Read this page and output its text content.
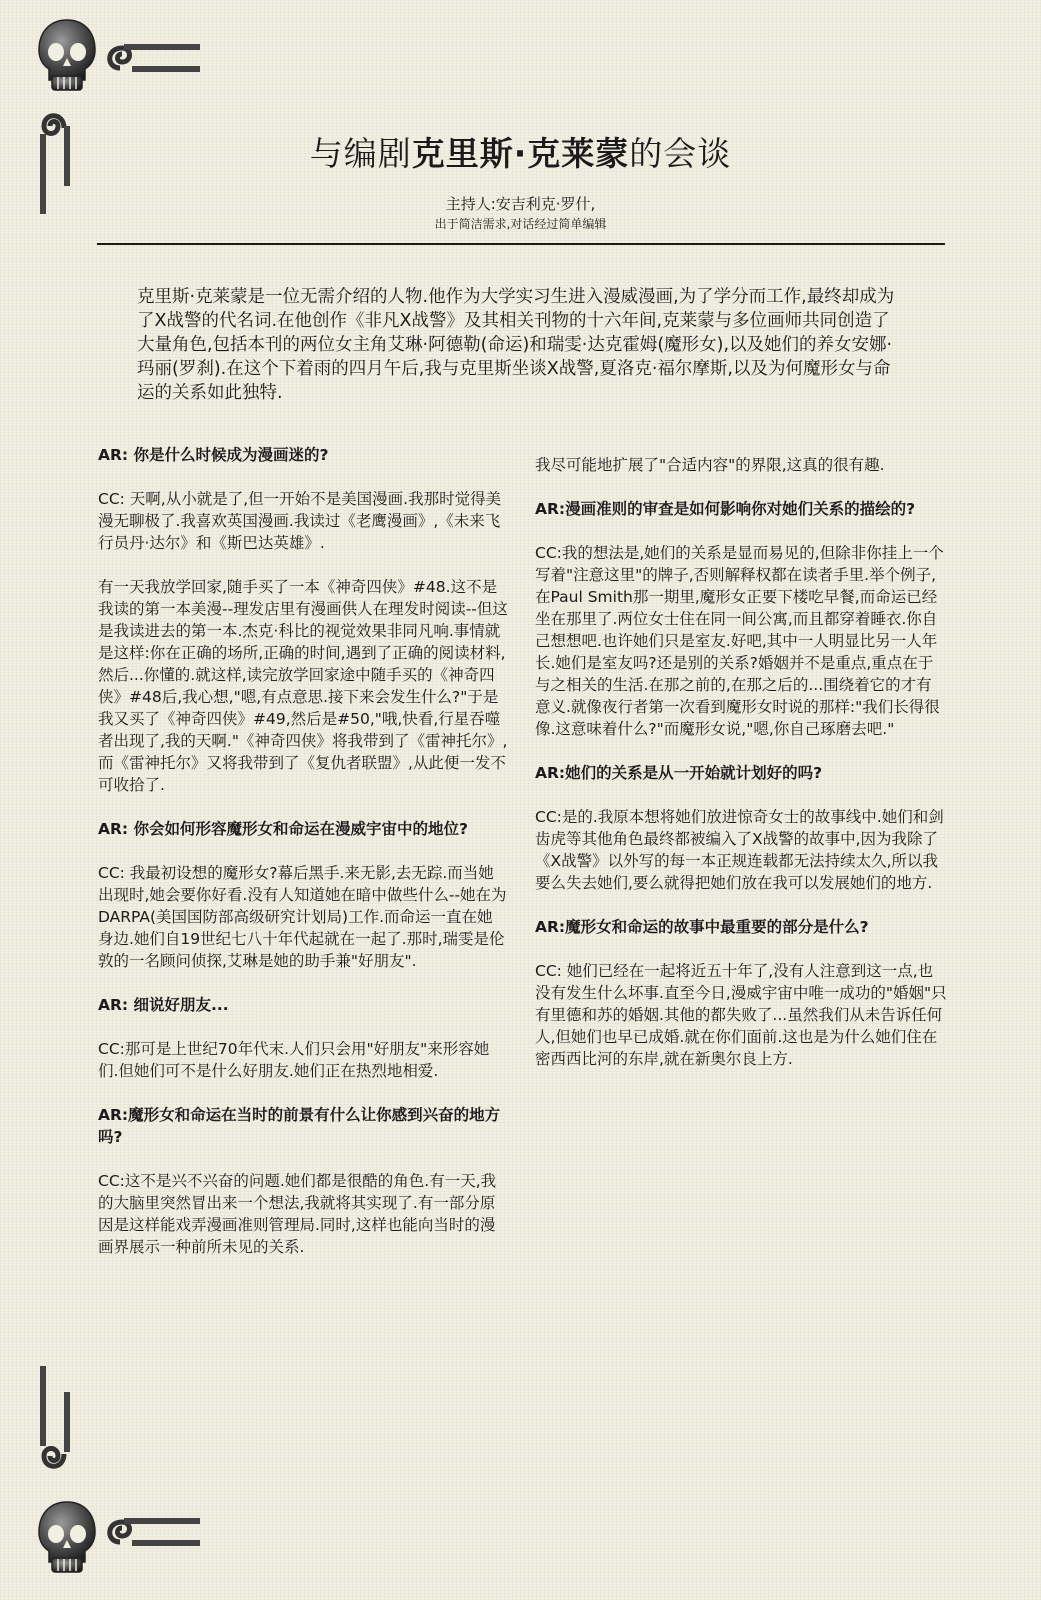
与编剧克里斯·克莱蒙的会谈
主持人:安吉利克·罗什,
出于简洁需求,对话经过简单编辑

克里斯·克莱蒙是一位无需介绍的人物.他作为大学实习生进入漫威漫画,为了学分而工作,最终却成为了X战警的代名词.在他创作《非凡X战警》及其相关刊物的十六年间,克莱蒙与多位画师共同创造了大量角色,包括本刊的两位女主角艾琳·阿德勒(命运)和瑞雯·达克霍姆(魔形女),以及她们的养女安娜·玛丽(罗刹).在这个下着雨的四月午后,我与克里斯坐谈X战警,夏洛克·福尔摩斯,以及为何魔形女与命运的关系如此独特.

AR: 你是什么时候成为漫画迷的?

CC: 天啊,从小就是了,但一开始不是美国漫画.我那时觉得美漫无聊极了.我喜欢英国漫画.我读过《老鹰漫画》,《未来飞行员丹·达尔》和《斯巴达英雄》.

有一天我放学回家,随手买了一本《神奇四侠》#48.这不是我读的第一本美漫--理发店里有漫画供人在理发时阅读--但这是我读进去的第一本.杰克·科比的视觉效果非同凡响.事情就是这样:你在正确的场所,正确的时间,遇到了正确的阅读材料,然后...你懂的.就这样,读完放学回家途中随手买的《神奇四侠》#48后,我心想,"嗯,有点意思.接下来会发生什么?"于是我又买了《神奇四侠》#49,然后是#50,"哦,快看,行星吞噬者出现了,我的天啊."《神奇四侠》将我带到了《雷神托尔》,而《雷神托尔》又将我带到了《复仇者联盟》,从此便一发不可收拾了.

AR: 你会如何形容魔形女和命运在漫威宇宙中的地位?

CC: 我最初设想的魔形女?幕后黑手.来无影,去无踪.而当她出现时,她会要你好看.没有人知道她在暗中做些什么--她在为DARPA(美国国防部高级研究计划局)工作.而命运一直在她身边.她们自19世纪七八十年代起就在一起了.那时,瑞雯是伦敦的一名顾问侦探,艾琳是她的助手兼"好朋友".

AR: 细说好朋友...

CC:那可是上世纪70年代末.人们只会用"好朋友"来形容她们.但她们可不是什么好朋友.她们正在热烈地相爱.

AR:魔形女和命运在当时的前景有什么让你感到兴奋的地方吗?

CC:这不是兴不兴奋的问题.她们都是很酷的角色.有一天,我的大脑里突然冒出来一个想法,我就将其实现了.有一部分原因是这样能戏弄漫画准则管理局.同时,这样也能向当时的漫画界展示一种前所未见的关系.

我尽可能地扩展了"合适内容"的界限,这真的很有趣.

AR:漫画准则的审查是如何影响你对她们关系的描绘的?

CC:我的想法是,她们的关系是显而易见的,但除非你挂上一个写着"注意这里"的牌子,否则解释权都在读者手里.举个例子,在Paul Smith那一期里,魔形女正要下楼吃早餐,而命运已经坐在那里了.两位女士住在同一间公寓,而且都穿着睡衣.你自己想想吧.也许她们只是室友.好吧,其中一人明显比另一人年长.她们是室友吗?还是别的关系?婚姻并不是重点,重点在于与之相关的生活.在那之前的,在那之后的...围绕着它的才有意义.就像夜行者第一次看到魔形女时说的那样:"我们长得很像.这意味着什么?"而魔形女说,"嗯,你自己琢磨去吧."

AR:她们的关系是从一开始就计划好的吗?

CC:是的.我原本想将她们放进惊奇女士的故事线中.她们和剑齿虎等其他角色最终都被编入了X战警的故事中,因为我除了《X战警》以外写的每一本正规连载都无法持续太久,所以我要么失去她们,要么就得把她们放在我可以发展她们的地方.

AR:魔形女和命运的故事中最重要的部分是什么?

CC: 她们已经在一起将近五十年了,没有人注意到这一点,也没有发生什么坏事.直至今日,漫威宇宙中唯一成功的"婚姻"只有里德和苏的婚姻.其他的都失败了...虽然我们从未告诉任何人,但她们也早已成婚.就在你们面前.这也是为什么她们住在密西西比河的东岸,就在新奥尔良上方.
